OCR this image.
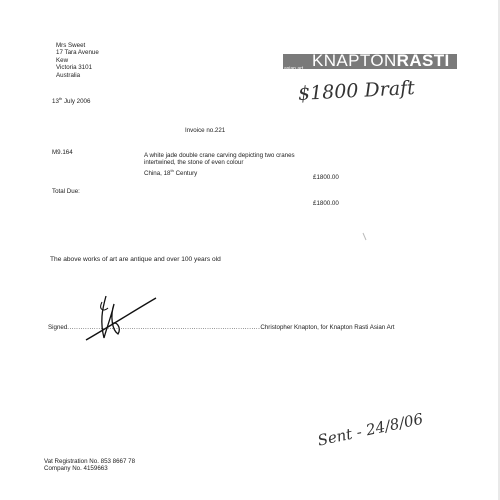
Mrs Sweet
17 Tara Avenue
Kew
Victoria 3101
Australia
13th July 2006
KNAPTONRASTI
asian art
$1800 Draft
Invoice no.221
M9.164	A white jade double crane carving depicting two cranes
intertwined, the stone of even colour
China, 18th Century
£1800.00
Total Due:
£1800.00
The above works of art are antique and over 100 years old
Signed.......................................................................................Christopher Knapton, for Knapton Rasti Asian Art
Sent - 24/8/06
Vat Registration No. 853 8667 78
Company No. 4159663
